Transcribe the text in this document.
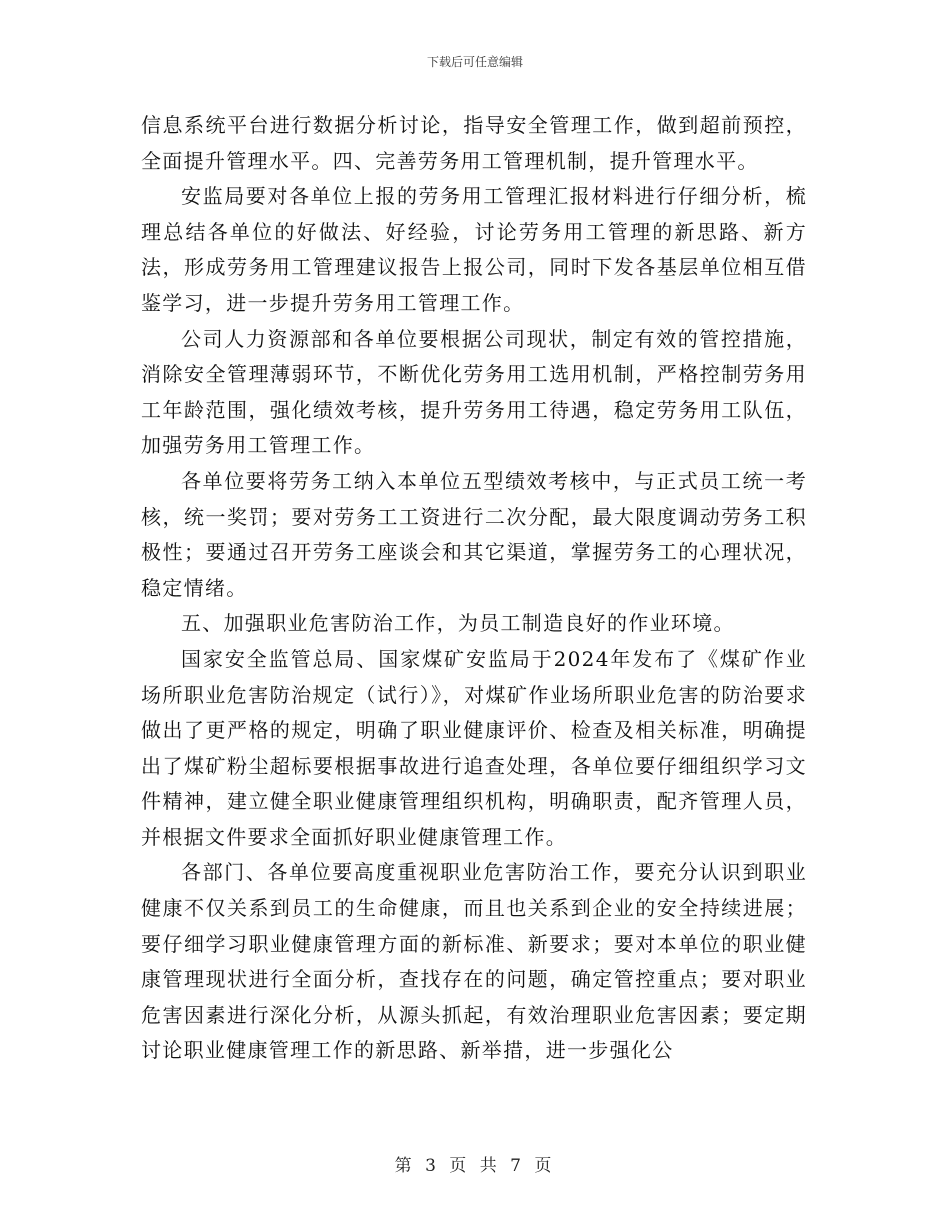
下载后可任意编辑

信息系统平台进行数据分析讨论，指导安全管理工作，做到超前预控，全面提升管理水平。四、完善劳务用工管理机制，提升管理水平。

安监局要对各单位上报的劳务用工管理汇报材料进行仔细分析，梳理总结各单位的好做法、好经验，讨论劳务用工管理的新思路、新方法，形成劳务用工管理建议报告上报公司，同时下发各基层单位相互借鉴学习，进一步提升劳务用工管理工作。

公司人力资源部和各单位要根据公司现状，制定有效的管控措施，消除安全管理薄弱环节，不断优化劳务用工选用机制，严格控制劳务用工年龄范围，强化绩效考核，提升劳务用工待遇，稳定劳务用工队伍，加强劳务用工管理工作。

各单位要将劳务工纳入本单位五型绩效考核中，与正式员工统一考核，统一奖罚；要对劳务工工资进行二次分配，最大限度调动劳务工积极性；要通过召开劳务工座谈会和其它渠道，掌握劳务工的心理状况，稳定情绪。

五、加强职业危害防治工作，为员工制造良好的作业环境。

国家安全监管总局、国家煤矿安监局于2024年发布了《煤矿作业场所职业危害防治规定（试行）》，对煤矿作业场所职业危害的防治要求做出了更严格的规定，明确了职业健康评价、检查及相关标准，明确提出了煤矿粉尘超标要根据事故进行追查处理，各单位要仔细组织学习文件精神，建立健全职业健康管理组织机构，明确职责，配齐管理人员，并根据文件要求全面抓好职业健康管理工作。

各部门、各单位要高度重视职业危害防治工作，要充分认识到职业健康不仅关系到员工的生命健康，而且也关系到企业的安全持续进展；要仔细学习职业健康管理方面的新标准、新要求；要对本单位的职业健康管理现状进行全面分析，查找存在的问题，确定管控重点；要对职业危害因素进行深化分析，从源头抓起，有效治理职业危害因素；要定期讨论职业健康管理工作的新思路、新举措，进一步强化公

第 3 页 共 7 页
